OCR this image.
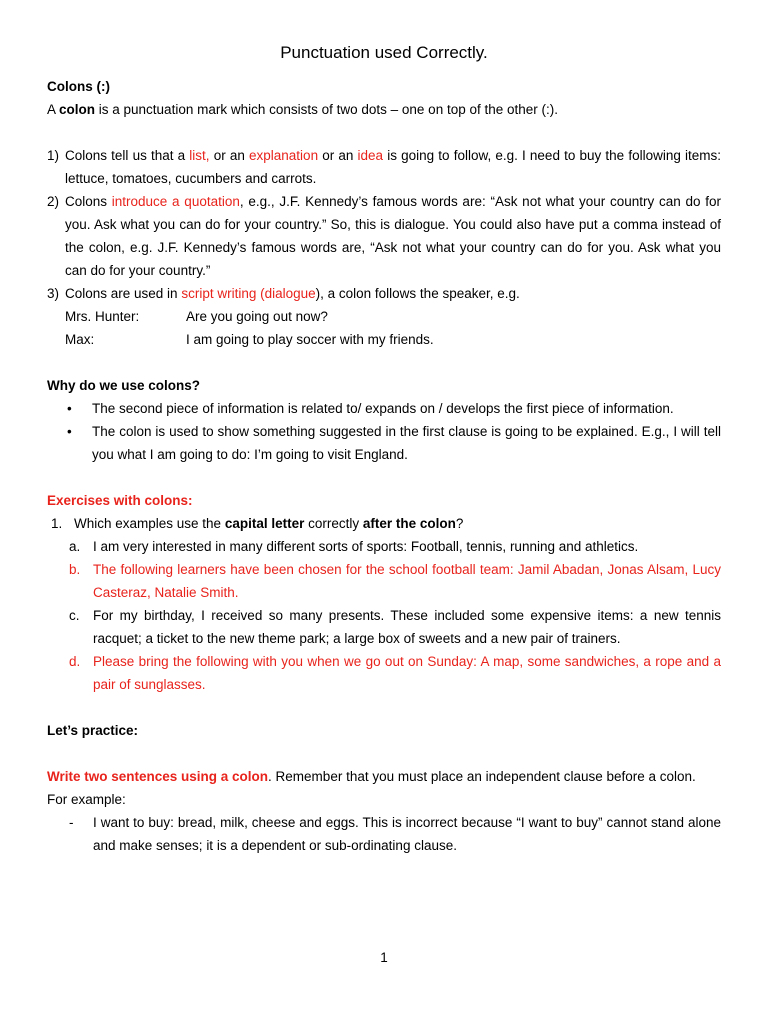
Punctuation used Correctly.
Colons (:)
A colon is a punctuation mark which consists of two dots – one on top of the other (:).
1) Colons tell us that a list, or an explanation or an idea is going to follow, e.g. I need to buy the following items: lettuce, tomatoes, cucumbers and carrots.
2) Colons introduce a quotation, e.g., J.F. Kennedy’s famous words are: “Ask not what your country can do for you. Ask what you can do for your country.” So, this is dialogue. You could also have put a comma instead of the colon, e.g. J.F. Kennedy’s famous words are, “Ask not what your country can do for you. Ask what you can do for your country.”
3) Colons are used in script writing (dialogue), a colon follows the speaker, e.g.
Mrs. Hunter:	Are you going out now?
Max:	I am going to play soccer with my friends.
Why do we use colons?
•	The second piece of information is related to/ expands on / develops the first piece of information.
•	The colon is used to show something suggested in the first clause is going to be explained. E.g., I will tell you what I am going to do: I’m going to visit England.
Exercises with colons:
1. Which examples use the capital letter correctly after the colon?
a. I am very interested in many different sorts of sports: Football, tennis, running and athletics.
b. The following learners have been chosen for the school football team: Jamil Abadan, Jonas Alsam, Lucy Casteraz, Natalie Smith.
c. For my birthday, I received so many presents. These included some expensive items: a new tennis racquet; a ticket to the new theme park; a large box of sweets and a new pair of trainers.
d. Please bring the following with you when we go out on Sunday: A map, some sandwiches, a rope and a pair of sunglasses.
Let’s practice:
Write two sentences using a colon. Remember that you must place an independent clause before a colon.
For example:
-	I want to buy: bread, milk, cheese and eggs. This is incorrect because “I want to buy” cannot stand alone and make senses; it is a dependent or sub-ordinating clause.
1
